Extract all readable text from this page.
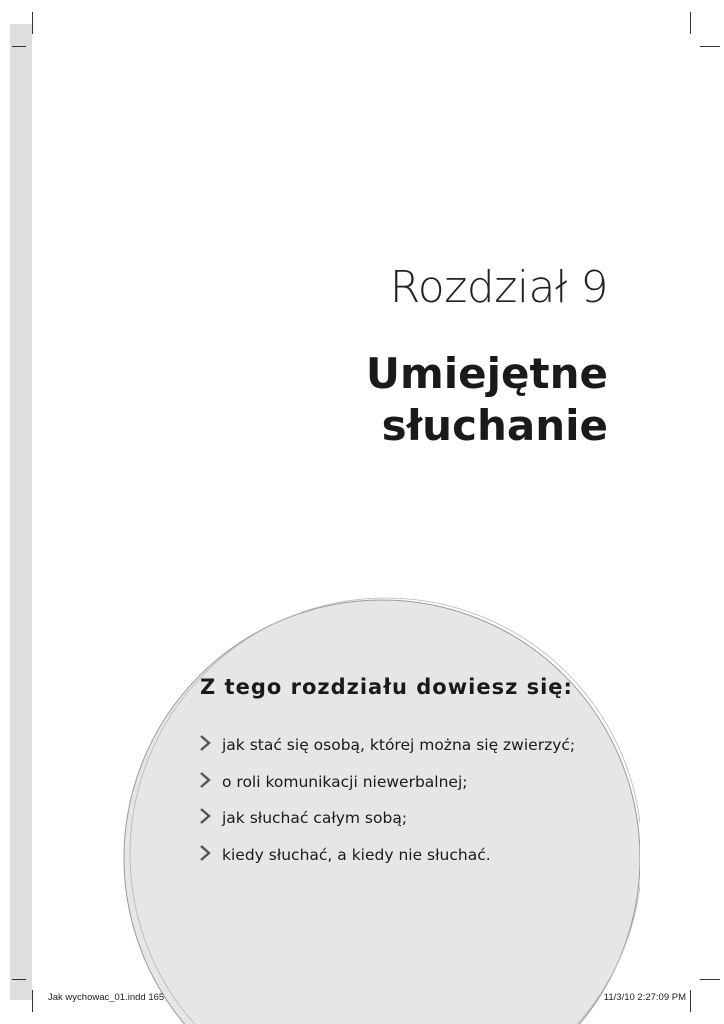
Rozdział 9
Umiejętne
słuchanie
Z tego rozdziału dowiesz się:
jak stać się osobą, której można się zwierzyć;
o roli komunikacji niewerbalnej;
jak słuchać całym sobą;
kiedy słuchać, a kiedy nie słuchać.
Jak wychowac_01.indd 165	11/3/10 2:27:09 PM
